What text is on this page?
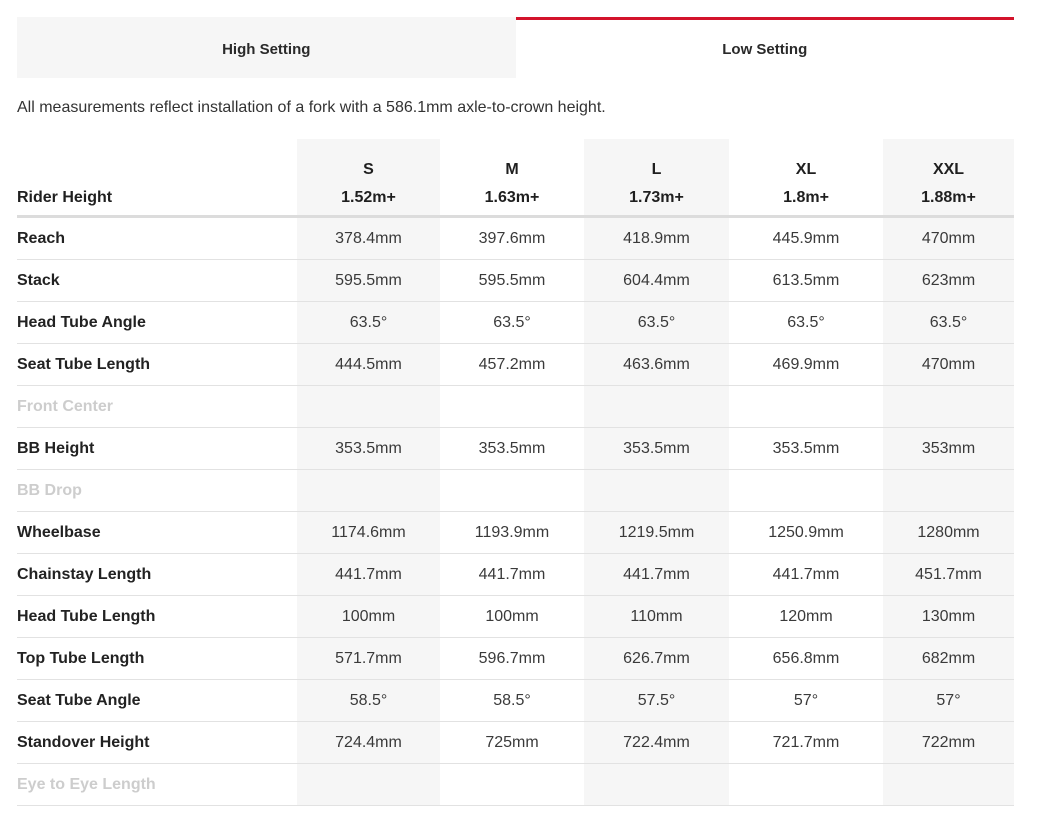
High Setting	Low Setting
All measurements reflect installation of a fork with a 586.1mm axle-to-crown height.
	S	M	L	XL	XXL
Rider Height	1.52m+	1.63m+	1.73m+	1.8m+	1.88m+
Reach	378.4mm	397.6mm	418.9mm	445.9mm	470mm
Stack	595.5mm	595.5mm	604.4mm	613.5mm	623mm
Head Tube Angle	63.5°	63.5°	63.5°	63.5°	63.5°
Seat Tube Length	444.5mm	457.2mm	463.6mm	469.9mm	470mm
Front Center					
BB Height	353.5mm	353.5mm	353.5mm	353.5mm	353mm
BB Drop					
Wheelbase	1174.6mm	1193.9mm	1219.5mm	1250.9mm	1280mm
Chainstay Length	441.7mm	441.7mm	441.7mm	441.7mm	451.7mm
Head Tube Length	100mm	100mm	110mm	120mm	130mm
Top Tube Length	571.7mm	596.7mm	626.7mm	656.8mm	682mm
Seat Tube Angle	58.5°	58.5°	57.5°	57°	57°
Standover Height	724.4mm	725mm	722.4mm	721.7mm	722mm
Eye to Eye Length					
